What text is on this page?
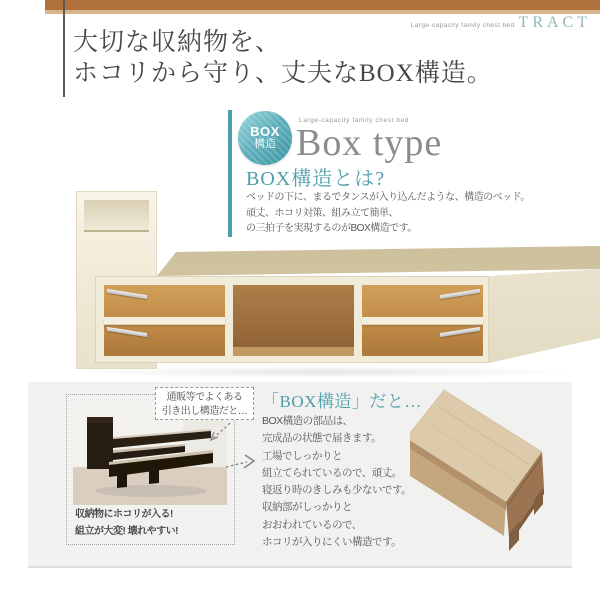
Large-capacity family chest bed TRACT
大切な収納物を、
ホコリから守り、丈夫なBOX構造。
BOX
構造
Large-capacity family chest bed
Box type
BOX構造とは?

ベッドの下に、まるでタンスが入り込んだような、構造のベッド。

頑丈、ホコリ対策、組み立て簡単、

の三拍子を実現するのがBOX構造です。

収納物にホコリが入る!

組立が大変! 壊れやすい!

通販等でよくある
引き出し構造だと…
「BOX構造」だと…

BOX構造の部品は、

完成品の状態で届きます。

工場でしっかりと

組立てられているので、頑丈。

寝返り時のきしみも少ないです。

収納部がしっかりと

おおわれているので、

ホコリが入りにくい構造です。
